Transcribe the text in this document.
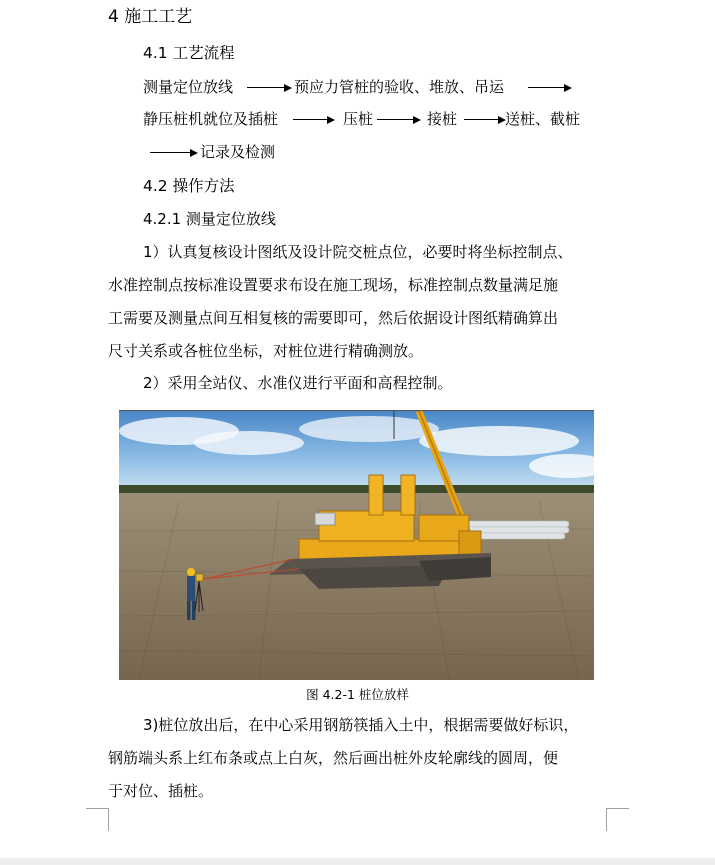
4 施工工艺
4.1 工艺流程
测量定位放线	预应力管桩的验收、堆放、吊运
静压桩机就位及插桩	压桩	接桩	送桩、截桩
记录及检测
4.2 操作方法
4.2.1 测量定位放线

1）认真复核设计图纸及设计院交桩点位，必要时将坐标控制点、

水准控制点按标准设置要求布设在施工现场，标准控制点数量满足施

工需要及测量点间互相复核的需要即可，然后依据设计图纸精确算出

尺寸关系或各桩位坐标，对桩位进行精确测放。

2）采用全站仪、水准仪进行平面和高程控制。

图 4.2-1 桩位放样

3)桩位放出后，在中心采用钢筋筷插入土中，根据需要做好标识，

钢筋端头系上红布条或点上白灰，然后画出桩外皮轮廓线的圆周，便

于对位、插桩。
